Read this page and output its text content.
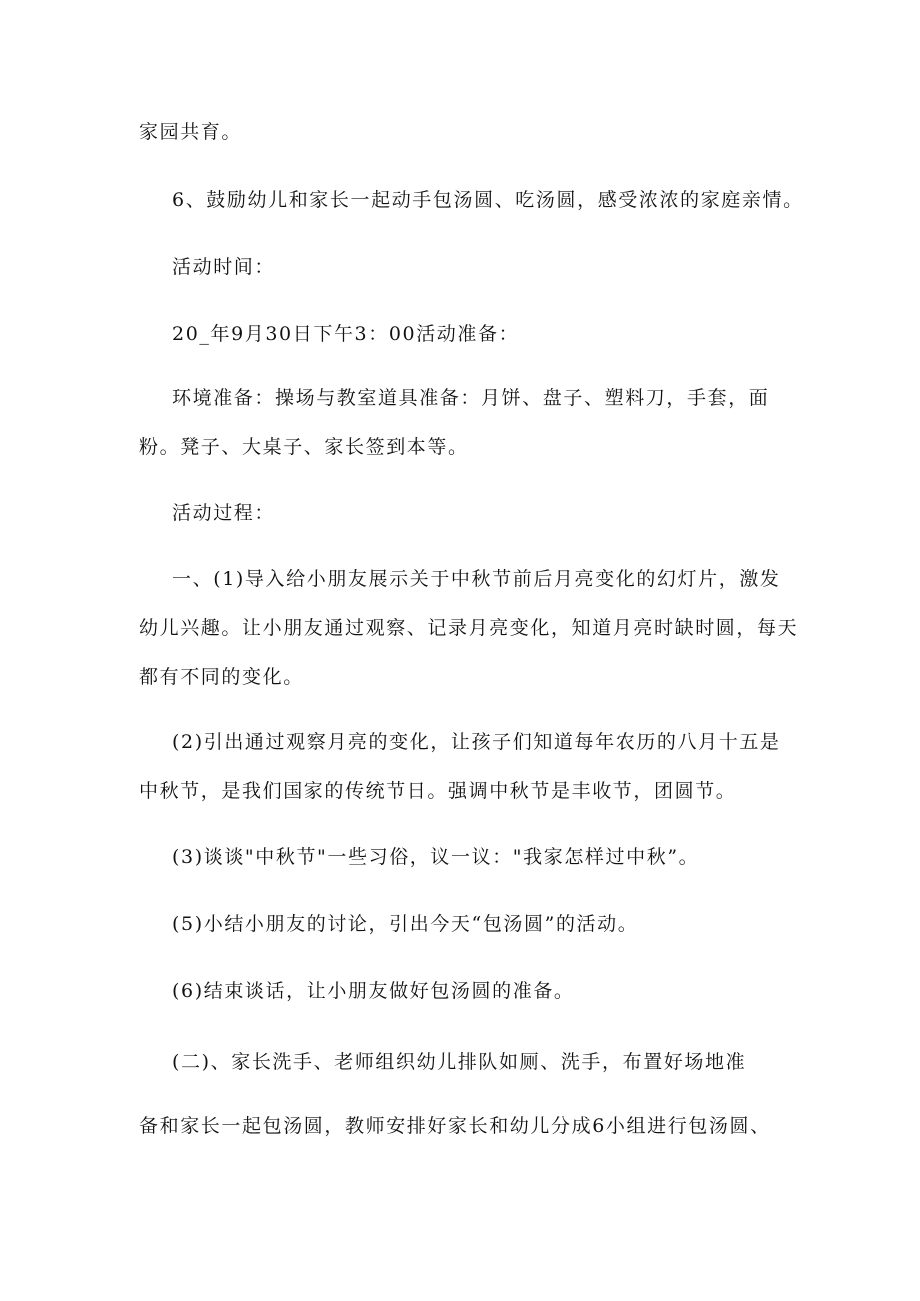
家园共育。
6、鼓励幼儿和家长一起动手包汤圆、吃汤圆，感受浓浓的家庭亲情。
活动时间：
20_年9月30日下午3：00活动准备：
环境准备：操场与教室道具准备：月饼、盘子、塑料刀，手套，面
粉。凳子、大桌子、家长签到本等。
活动过程：
一、(1)导入给小朋友展示关于中秋节前后月亮变化的幻灯片，激发
幼儿兴趣。让小朋友通过观察、记录月亮变化，知道月亮时缺时圆，每天
都有不同的变化。
(2)引出通过观察月亮的变化，让孩子们知道每年农历的八月十五是
中秋节，是我们国家的传统节日。强调中秋节是丰收节，团圆节。
(3)谈谈"中秋节"一些习俗，议一议："我家怎样过中秋”。
(5)小结小朋友的讨论，引出今天“包汤圆”的活动。
(6)结束谈话，让小朋友做好包汤圆的准备。
(二)、家长洗手、老师组织幼儿排队如厕、洗手，布置好场地准
备和家长一起包汤圆，教师安排好家长和幼儿分成6小组进行包汤圆、
